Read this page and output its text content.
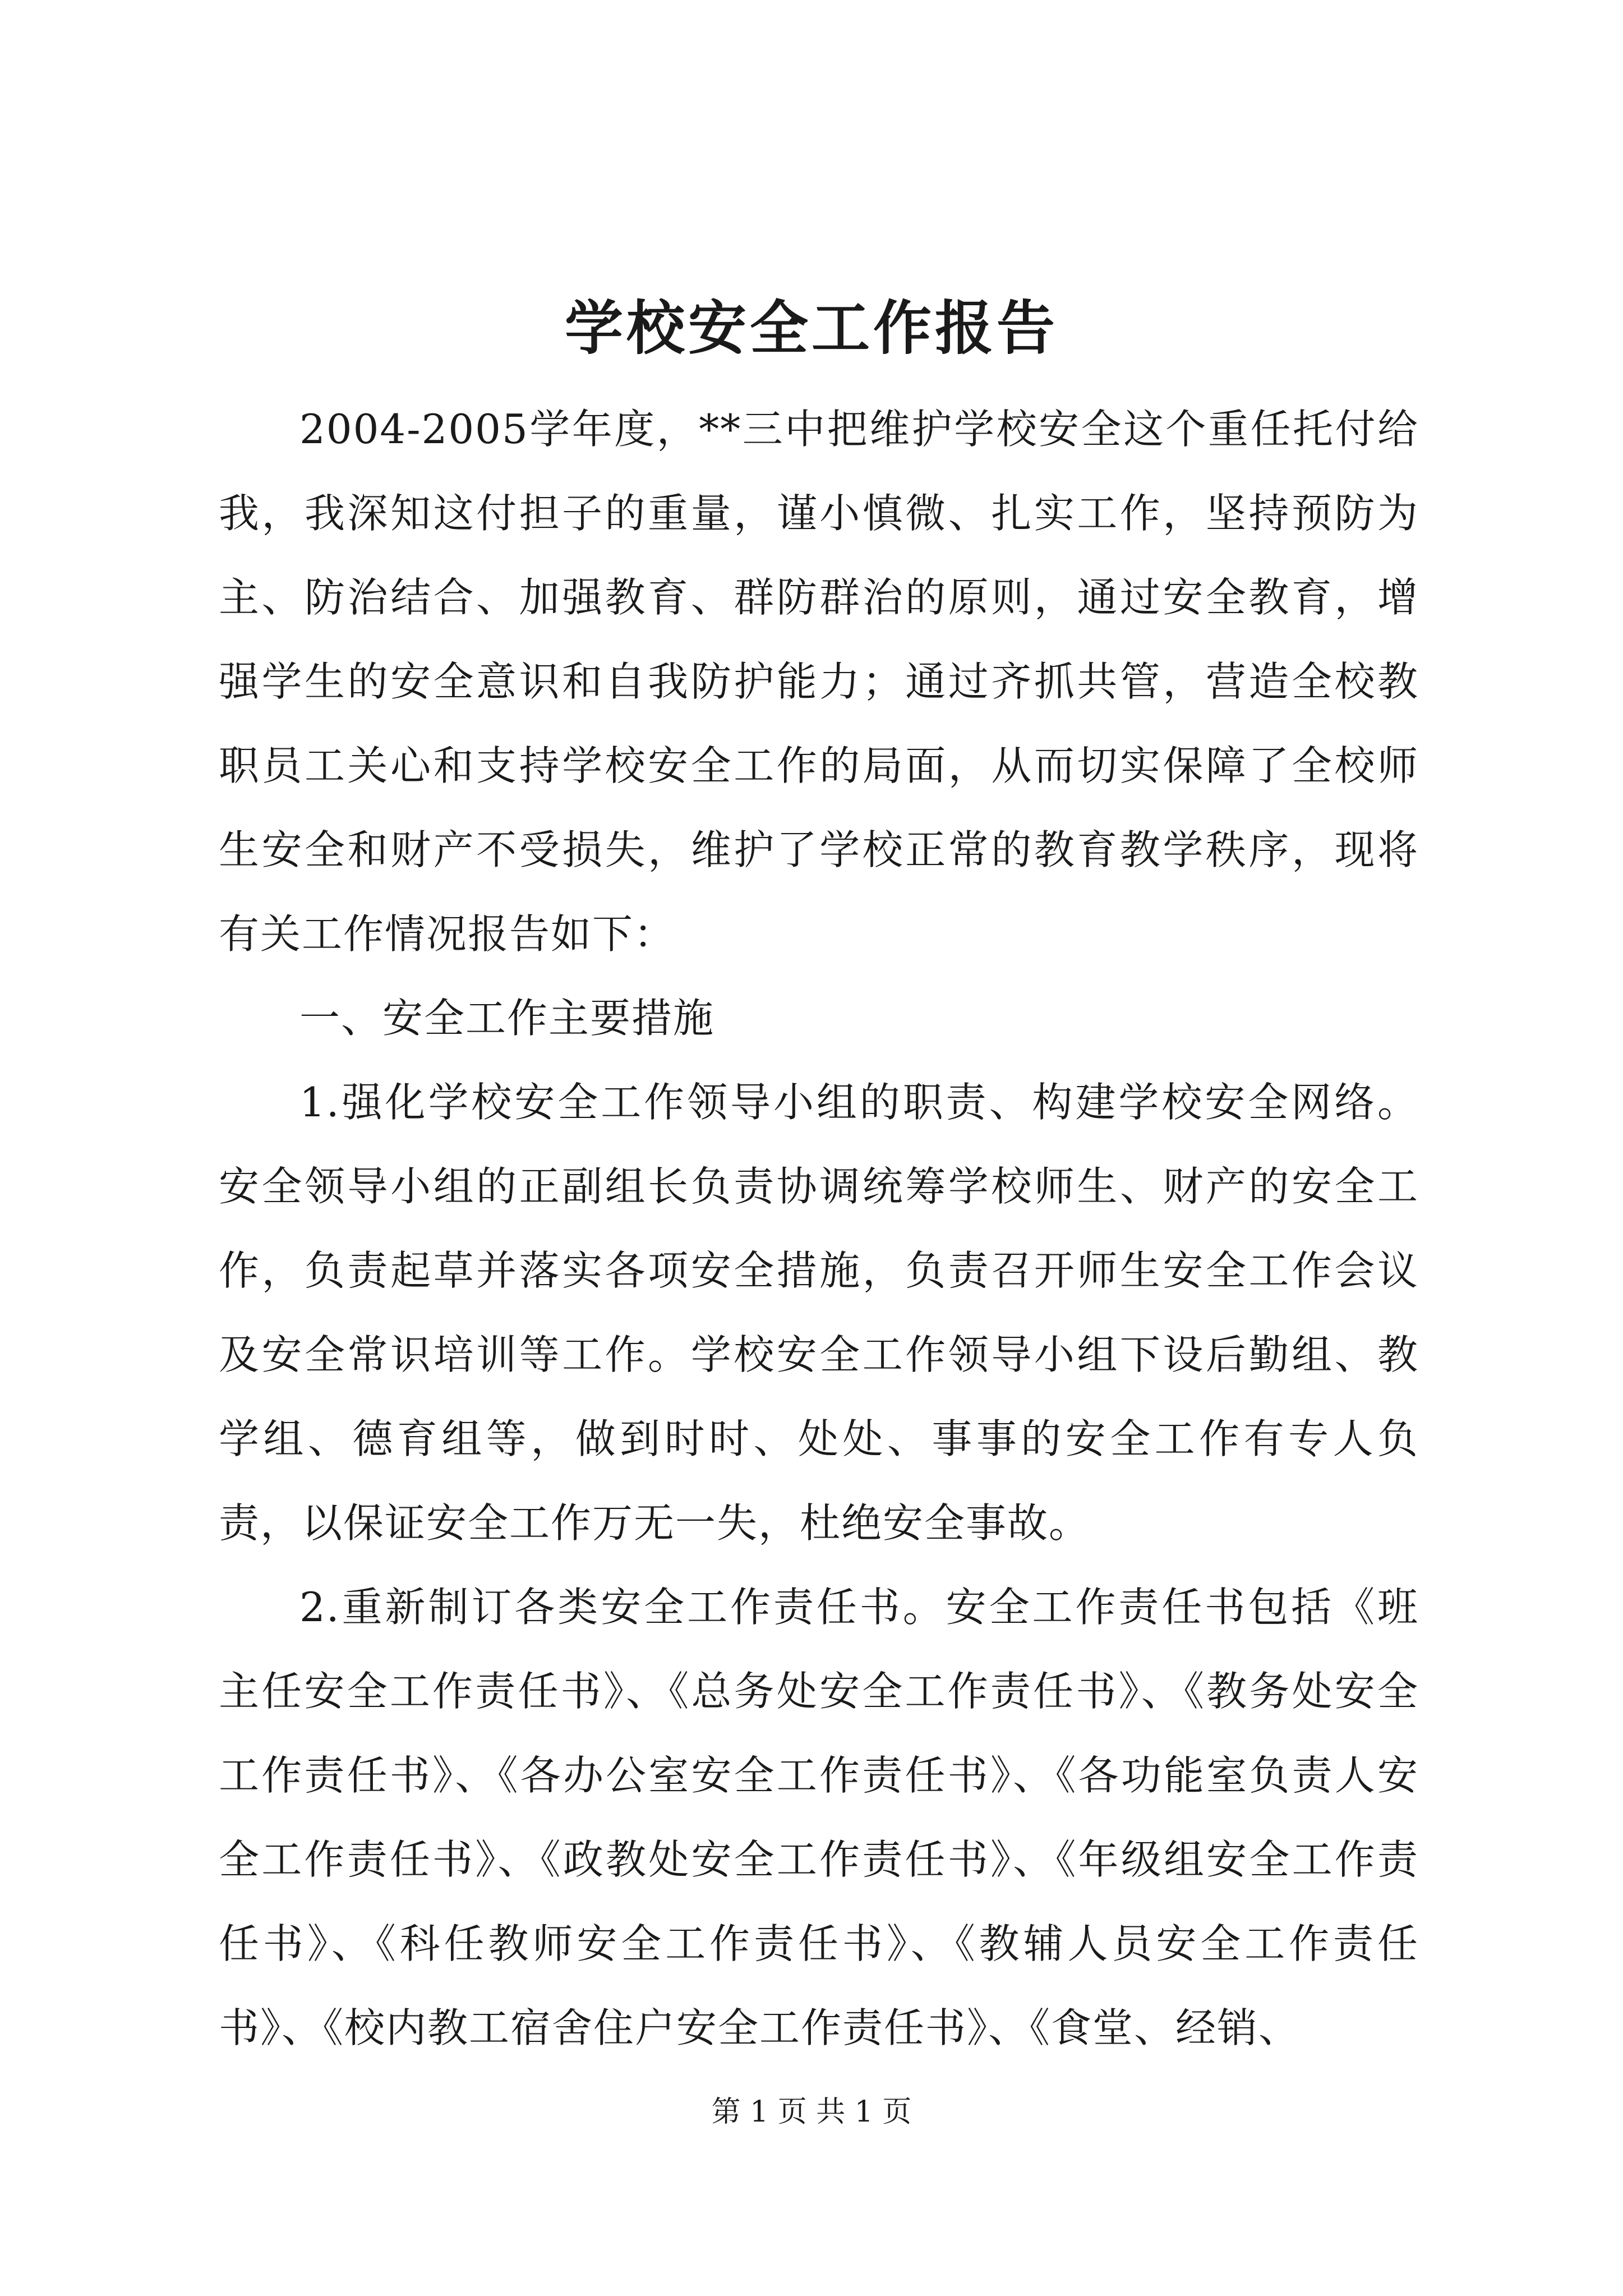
学校安全工作报告

2004-2005学年度，**三中把维护学校安全这个重任托付给我，我深知这付担子的重量，谨小慎微、扎实工作，坚持预防为主、防治结合、加强教育、群防群治的原则，通过安全教育，增强学生的安全意识和自我防护能力；通过齐抓共管，营造全校教职员工关心和支持学校安全工作的局面，从而切实保障了全校师生安全和财产不受损失，维护了学校正常的教育教学秩序，现将有关工作情况报告如下：

一、安全工作主要措施

1.强化学校安全工作领导小组的职责、构建学校安全网络。安全领导小组的正副组长负责协调统筹学校师生、财产的安全工作，负责起草并落实各项安全措施，负责召开师生安全工作会议及安全常识培训等工作。学校安全工作领导小组下设后勤组、教学组、德育组等，做到时时、处处、事事的安全工作有专人负责，以保证安全工作万无一失，杜绝安全事故。

2.重新制订各类安全工作责任书。安全工作责任书包括《班主任安全工作责任书》、《总务处安全工作责任书》、《教务处安全工作责任书》、《各办公室安全工作责任书》、《各功能室负责人安全工作责任书》、《政教处安全工作责任书》、《年级组安全工作责任书》、《科任教师安全工作责任书》、《教辅人员安全工作责任书》、《校内教工宿舍住户安全工作责任书》、《食堂、经销、

第 1 页 共 1 页
